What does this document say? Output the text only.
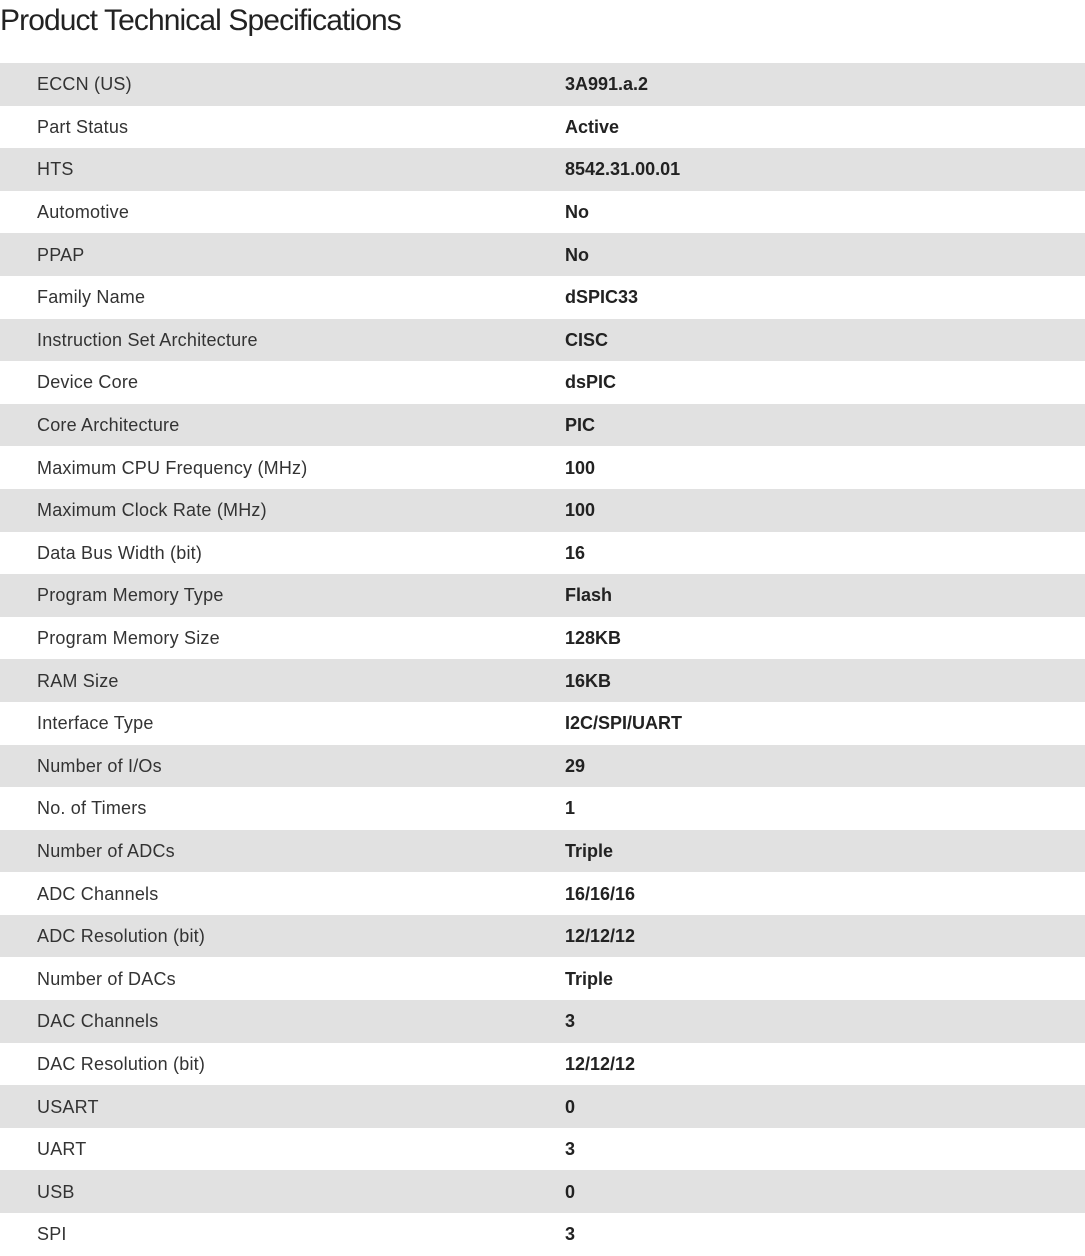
Product Technical Specifications
ECCN (US)	3A991.a.2
Part Status	Active
HTS	8542.31.00.01
Automotive	No
PPAP	No
Family Name	dSPIC33
Instruction Set Architecture	CISC
Device Core	dsPIC
Core Architecture	PIC
Maximum CPU Frequency (MHz)	100
Maximum Clock Rate (MHz)	100
Data Bus Width (bit)	16
Program Memory Type	Flash
Program Memory Size	128KB
RAM Size	16KB
Interface Type	I2C/SPI/UART
Number of I/Os	29
No. of Timers	1
Number of ADCs	Triple
ADC Channels	16/16/16
ADC Resolution (bit)	12/12/12
Number of DACs	Triple
DAC Channels	3
DAC Resolution (bit)	12/12/12
USART	0
UART	3
USB	0
SPI	3
